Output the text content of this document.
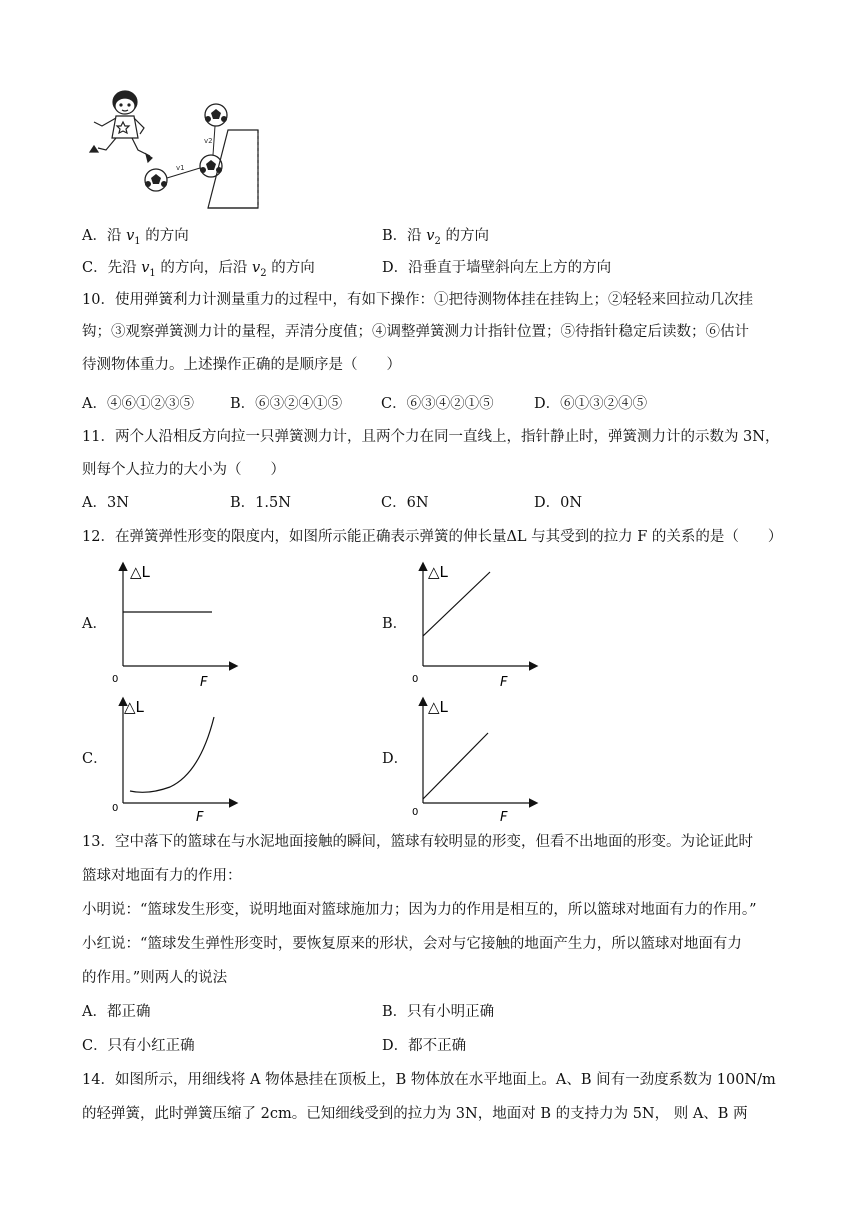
v1
v2
A．沿 $v_1$ 的方向	B．沿 $v_2$ 的方向
C．先沿 $v_1$ 的方向，后沿 $v_2$ 的方向	D．沿垂直于墙壁斜向左上方的方向
10．使用弹簧利力计测量重力的过程中，有如下操作：①把待测物体挂在挂钩上；②轻轻来回拉动几次挂
钩；③观察弹簧测力计的量程，弄清分度值；④调整弹簧测力计指针位置；⑤待指针稳定后读数；⑥估计
待测物体重力。上述操作正确的是顺序是（　　）
A．④⑥①②③⑤ B．⑥③②④①⑤	C．⑥③④②①⑤	D．⑥①③②④⑤
11．两个人沿相反方向拉一只弹簧测力计，且两个力在同一直线上，指针静止时，弹簧测力计的示数为 3N，
则每个人拉力的大小为（　　）
A．3N	B．1.5N	C．6N	D．0N
12．在弹簧弹性形变的限度内，如图所示能正确表示弹簧的伸长量ΔL 与其受到的拉力 F 的关系的是（　　）
A．	B．
C．	D．
△L
F
0
△L
F
0
△L
F
0
△L
F
0
13．空中落下的篮球在与水泥地面接触的瞬间，篮球有较明显的形变，但看不出地面的形变。为论证此时
篮球对地面有力的作用：
小明说：“篮球发生形变，说明地面对篮球施加力；因为力的作用是相互的，所以篮球对地面有力的作用。”
小红说：“篮球发生弹性形变时，要恢复原来的形状，会对与它接触的地面产生力，所以篮球对地面有力
的作用。”则两人的说法
A．都正确	B．只有小明正确
C．只有小红正确	D．都不正确
14．如图所示，用细线将 A 物体悬挂在顶板上，B 物体放在水平地面上。A、B 间有一劲度系数为 100N/m
的轻弹簧，此时弹簧压缩了 2cm。已知细线受到的拉力为 3N，地面对 B 的支持力为 5N， 则 A、B 两
